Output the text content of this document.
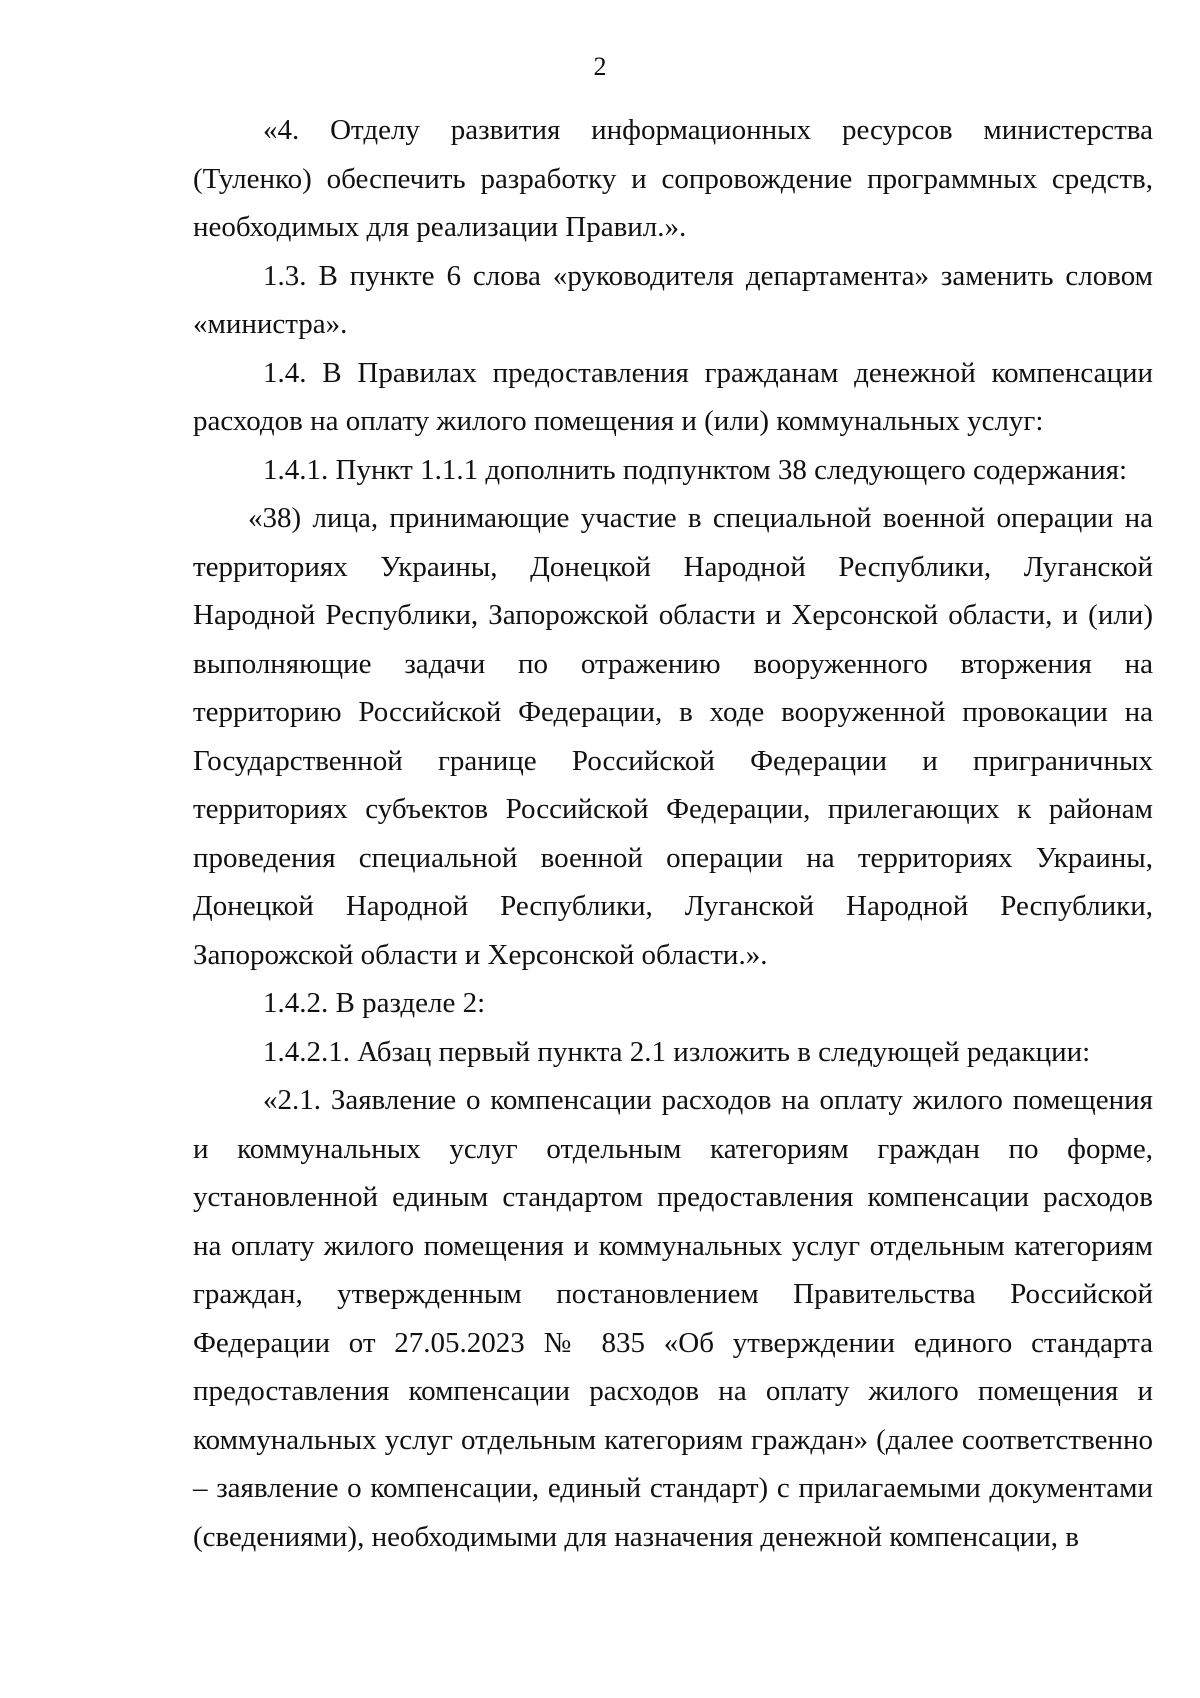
2

«4. Отделу развития информационных ресурсов министерства (Туленко) обеспечить разработку и сопровождение программных средств, необходимых для реализации Правил.».

1.3. В пункте 6 слова «руководителя департамента» заменить словом «министра».

1.4. В Правилах предоставления гражданам денежной компенсации расходов на оплату жилого помещения и (или) коммунальных услуг:

1.4.1. Пункт 1.1.1 дополнить подпунктом 38 следующего содержания:

«38) лица, принимающие участие в специальной военной операции на территориях Украины, Донецкой Народной Республики, Луганской Народной Республики, Запорожской области и Херсонской области, и (или) выполняющие задачи по отражению вооруженного вторжения на территорию Российской Федерации, в ходе вооруженной провокации на Государственной границе Российской Федерации и приграничных территориях субъектов Российской Федерации, прилегающих к районам проведения специальной военной операции на территориях Украины, Донецкой Народной Республики, Луганской Народной Республики, Запорожской области и Херсонской области.».

1.4.2. В разделе 2:

1.4.2.1. Абзац первый пункта 2.1 изложить в следующей редакции:

«2.1. Заявление о компенсации расходов на оплату жилого помещения и коммунальных услуг отдельным категориям граждан по форме, установленной единым стандартом предоставления компенсации расходов на оплату жилого помещения и коммунальных услуг отдельным категориям граждан, утвержденным постановлением Правительства Российской Федерации от 27.05.2023 № 835 «Об утверждении единого стандарта предоставления компенсации расходов на оплату жилого помещения и коммунальных услуг отдельным категориям граждан» (далее соответственно – заявление о компенсации, единый стандарт) с прилагаемыми документами (сведениями), необходимыми для назначения денежной компенсации, в
